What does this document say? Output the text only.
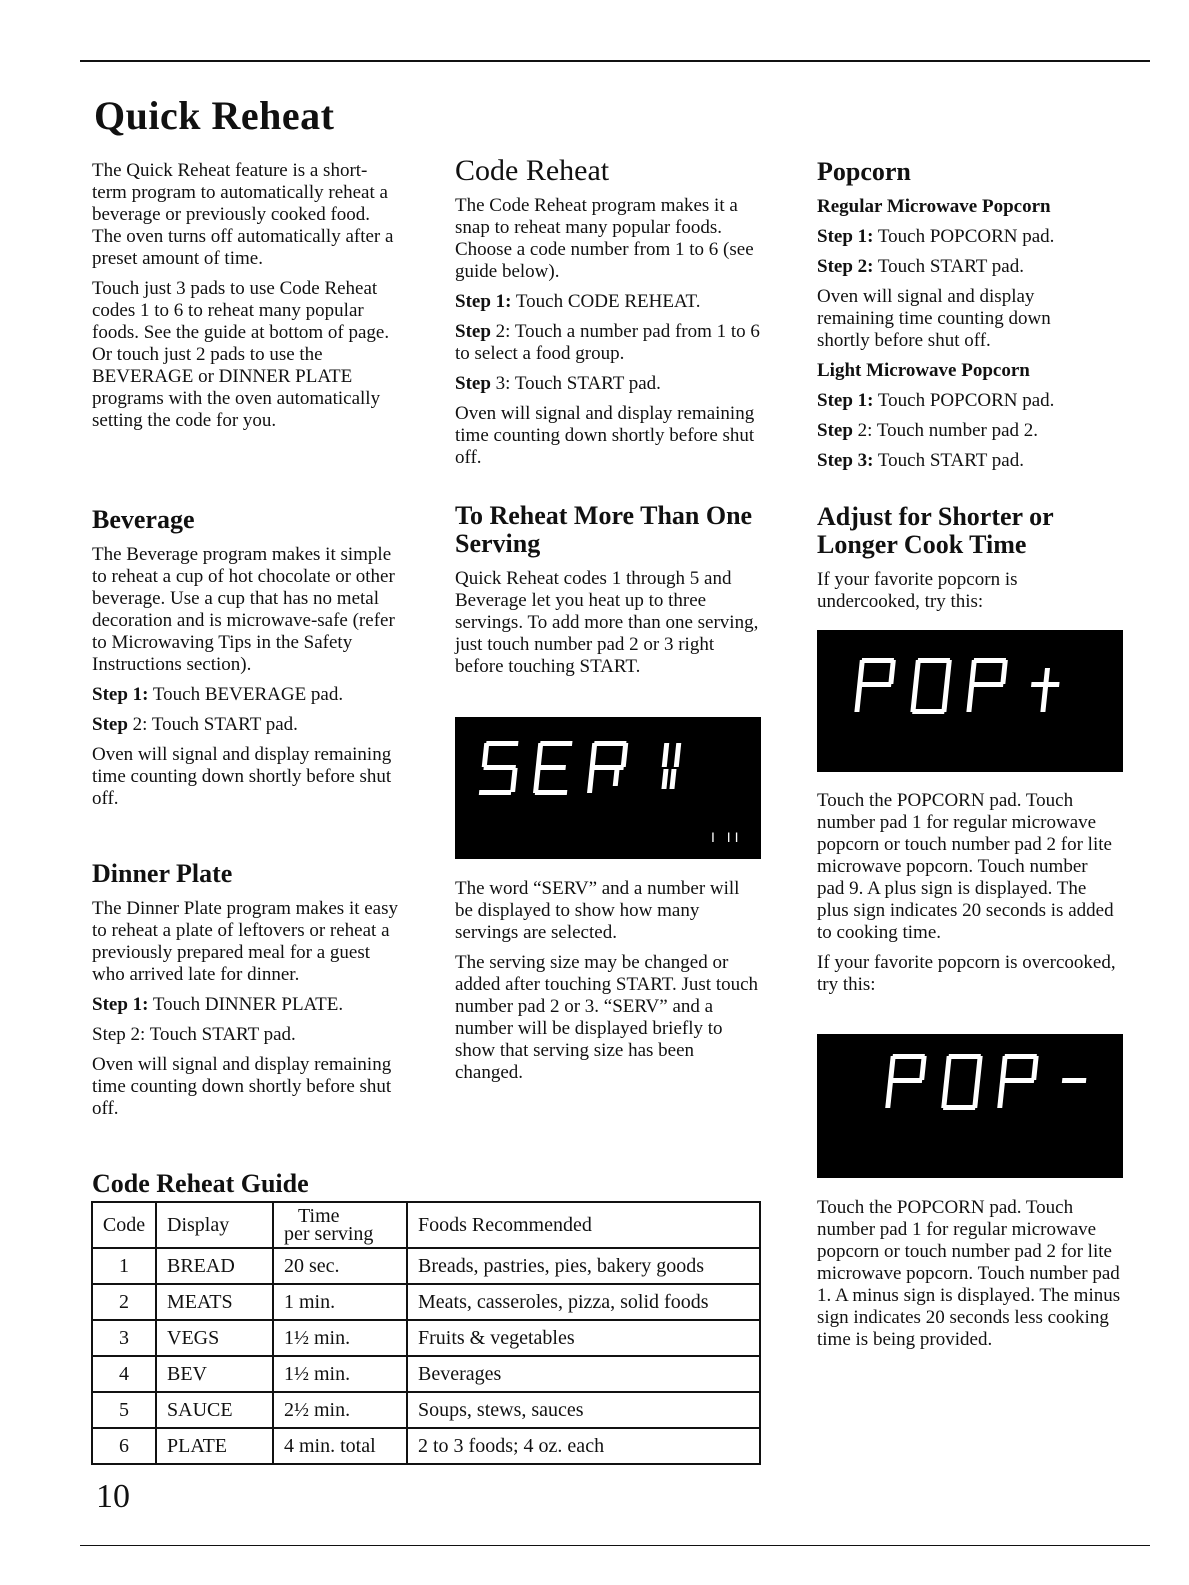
Quick Reheat

The Quick Reheat feature is a short-term program to automatically reheat a beverage or previously cooked food. The oven turns off automatically after a preset amount of time.

Touch just 3 pads to use Code Reheat codes 1 to 6 to reheat many popular foods. See the guide at bottom of page. Or touch just 2 pads to use the BEVERAGE or DINNER PLATE programs with the oven automatically setting the code for you.

Beverage

The Beverage program makes it simple to reheat a cup of hot chocolate or other beverage. Use a cup that has no metal decoration and is microwave-safe (refer to Microwaving Tips in the Safety Instructions section).

Step 1: Touch BEVERAGE pad.

Step 2: Touch START pad.

Oven will signal and display remaining time counting down shortly before shut off.

Dinner Plate

The Dinner Plate program makes it easy to reheat a plate of leftovers or reheat a previously prepared meal for a guest who arrived late for dinner.

Step 1: Touch DINNER PLATE.

Step 2: Touch START pad.

Oven will signal and display remaining time counting down shortly before shut off.

Code Reheat

The Code Reheat program makes it a snap to reheat many popular foods. Choose a code number from 1 to 6 (see guide below).

Step 1: Touch CODE REHEAT.

Step 2: Touch a number pad from 1 to 6 to select a food group.

Step 3: Touch START pad.

Oven will signal and display remaining time counting down shortly before shut off.

To Reheat More Than One Serving

Quick Reheat codes 1 through 5 and Beverage let you heat up to three servings. To add more than one serving, just touch number pad 2 or 3 right before touching START.

I II

The word “SERV” and a number will be displayed to show how many servings are selected.

The serving size may be changed or added after touching START. Just touch number pad 2 or 3. “SERV” and a number will be displayed briefly to show that serving size has been changed.

Popcorn
Regular Microwave Popcorn

Step 1: Touch POPCORN pad.

Step 2: Touch START pad.

Oven will signal and display remaining time counting down shortly before shut off.

Light Microwave Popcorn

Step 1: Touch POPCORN pad.

Step 2: Touch number pad 2.

Step 3: Touch START pad.

Adjust for Shorter or Longer Cook Time

If your favorite popcorn is undercooked, try this:

Touch the POPCORN pad. Touch number pad 1 for regular microwave popcorn or touch number pad 2 for lite microwave popcorn. Touch number pad 9. A plus sign is displayed. The plus sign indicates 20 seconds is added to cooking time.

If your favorite popcorn is overcooked, try this:

Touch the POPCORN pad. Touch number pad 1 for regular microwave popcorn or touch number pad 2 for lite microwave popcorn. Touch number pad 1. A minus sign is displayed. The minus sign indicates 20 seconds less cooking time is being provided.

Code Reheat Guide
Code	Display	Time
per serving	Foods Recommended
1	BREAD	20 sec.	Breads, pastries, pies, bakery goods
2	MEATS	1 min.	Meats, casseroles, pizza, solid foods
3	VEGS	1½ min.	Fruits & vegetables
4	BEV	1½ min.	Beverages
5	SAUCE	2½ min.	Soups, stews, sauces
6	PLATE	4 min. total	2 to 3 foods; 4 oz. each
10
